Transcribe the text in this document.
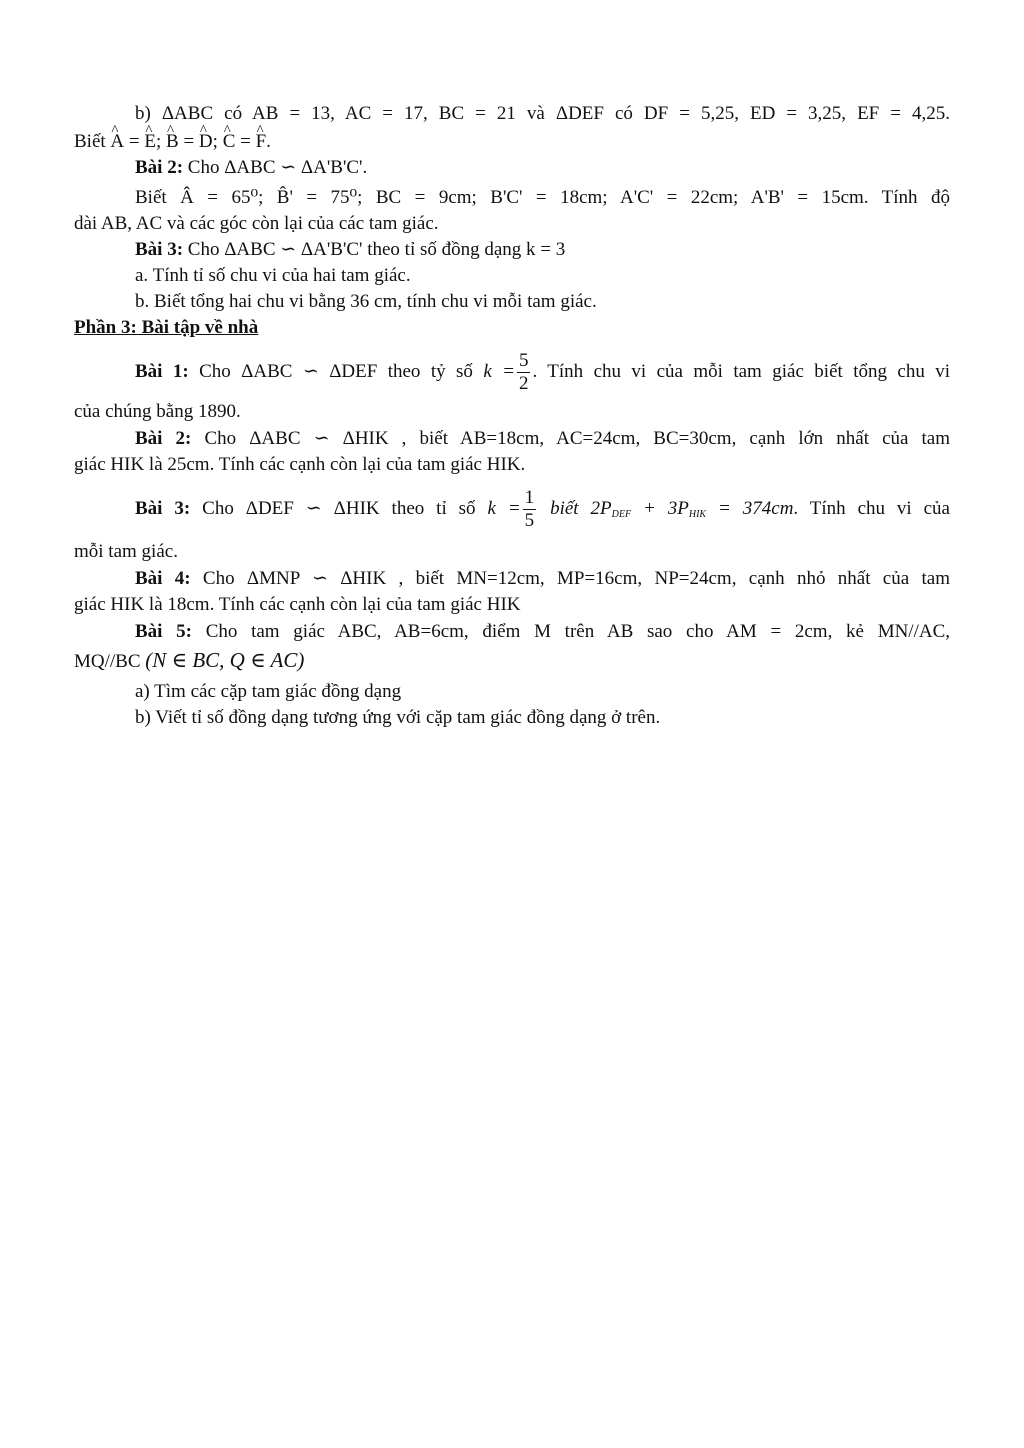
b) ΔABC có AB = 13, AC = 17, BC = 21 và ΔDEF có DF = 5,25, ED = 3,25, EF = 4,25.
Biết ^ A = ^ E; ^ B = ^ D; ^ C = ^ F.
Bài 2: Cho ΔABC ∽ ΔA'B'C'.
Biết Â = 65⁰; B̂' = 75⁰; BC = 9cm; B'C' = 18cm; A'C' = 22cm; A'B' = 15cm. Tính độ
dài AB, AC và các góc còn lại của các tam giác.
Bài 3: Cho ΔABC ∽ ΔA'B'C' theo tỉ số đồng dạng k = 3
a. Tính tỉ số chu vi của hai tam giác.
b. Biết tổng hai chu vi bằng 36 cm, tính chu vi mỗi tam giác.
Phần 3: Bài tập về nhà
Bài 1: Cho ΔABC ∽ ΔDEF theo tỷ số $k = \frac{5}{2}$ . Tính chu vi của mỗi tam giác biết tổng chu vi
của chúng bằng 1890.
Bài 2: Cho ΔABC ∽ ΔHIK , biết AB=18cm, AC=24cm, BC=30cm, cạnh lớn nhất của tam
giác HIK là 25cm. Tính các cạnh còn lại của tam giác HIK.
Bài 3: Cho ΔDEF ∽ ΔHIK theo tỉ số $k = \frac{1}{5}$ biết $2P_{DEF} + 3P_{HIK} = 374cm$. Tính chu vi của
mỗi tam giác.
Bài 4: Cho ΔMNP ∽ ΔHIK , biết MN=12cm, MP=16cm, NP=24cm, cạnh nhỏ nhất của tam
giác HIK là 18cm. Tính các cạnh còn lại của tam giác HIK
Bài 5: Cho tam giác ABC, AB=6cm, điểm M trên AB sao cho AM = 2cm, kẻ MN//AC,
MQ//BC (N ∈ BC, Q ∈ AC)
a) Tìm các cặp tam giác đồng dạng
b) Viết tỉ số đồng dạng tương ứng với cặp tam giác đồng dạng ở trên.
